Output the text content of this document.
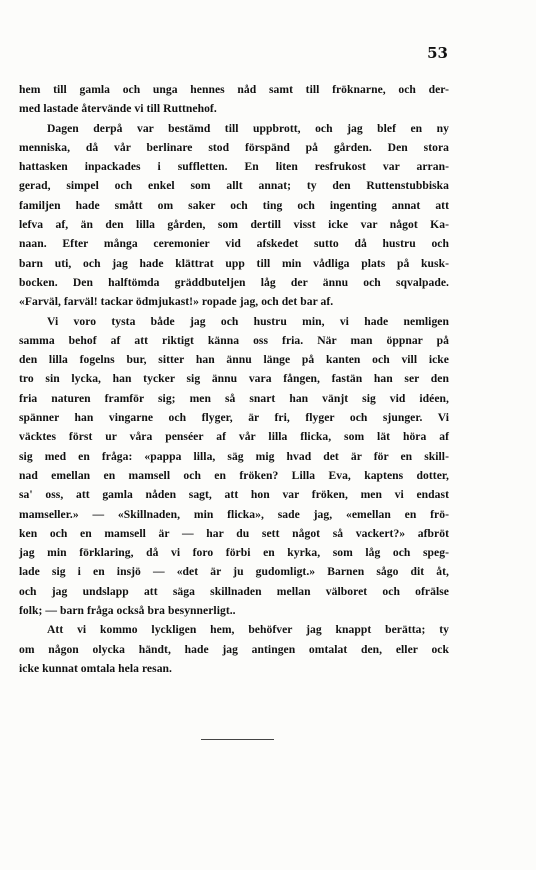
53
hem till gamla och unga hennes nåd samt till fröknarne, och der-
med lastade återvände vi till Ruttnehof.
Dagen derpå var bestämd till uppbrott, och jag blef en ny
menniska, då vår berlinare stod förspänd på gården. Den stora
hattasken inpackades i suffletten. En liten resfrukost var arran-
gerad, simpel och enkel som allt annat; ty den Ruttenstubbiska
familjen hade smått om saker och ting och ingenting annat att
lefva af, än den lilla gården, som dertill visst icke var något Ka-
naan. Efter många ceremonier vid afskedet sutto då hustru och
barn uti, och jag hade klättrat upp till min vådliga plats på kusk-
bocken. Den halftömda gräddbuteljen låg der ännu och sqvalpade.
«Farväl, farväl! tackar ödmjukast!» ropade jag, och det bar af.
Vi voro tysta både jag och hustru min, vi hade nemligen
samma behof af att riktigt känna oss fria. När man öppnar på
den lilla fogelns bur, sitter han ännu länge på kanten och vill icke
tro sin lycka, han tycker sig ännu vara fången, fastän han ser den
fria naturen framför sig; men så snart han vänjt sig vid idéen,
spänner han vingarne och flyger, är fri, flyger och sjunger. Vi
väcktes först ur våra penséer af vår lilla flicka, som lät höra af
sig med en fråga: «pappa lilla, säg mig hvad det är för en skill-
nad emellan en mamsell och en fröken? Lilla Eva, kaptens dotter,
sa' oss, att gamla nåden sagt, att hon var fröken, men vi endast
mamseller.» — «Skillnaden, min flicka», sade jag, «emellan en frö-
ken och en mamsell är — har du sett något så vackert?» afbröt
jag min förklaring, då vi foro förbi en kyrka, som låg och speg-
lade sig i en insjö — «det är ju gudomligt.» Barnen sågo dit åt,
och jag undslapp att säga skillnaden mellan välboret och ofrälse
folk; — barn fråga också bra besynnerligt..
Att vi kommo lyckligen hem, behöfver jag knappt berätta; ty
om någon olycka händt, hade jag antingen omtalat den, eller ock
icke kunnat omtala hela resan.
